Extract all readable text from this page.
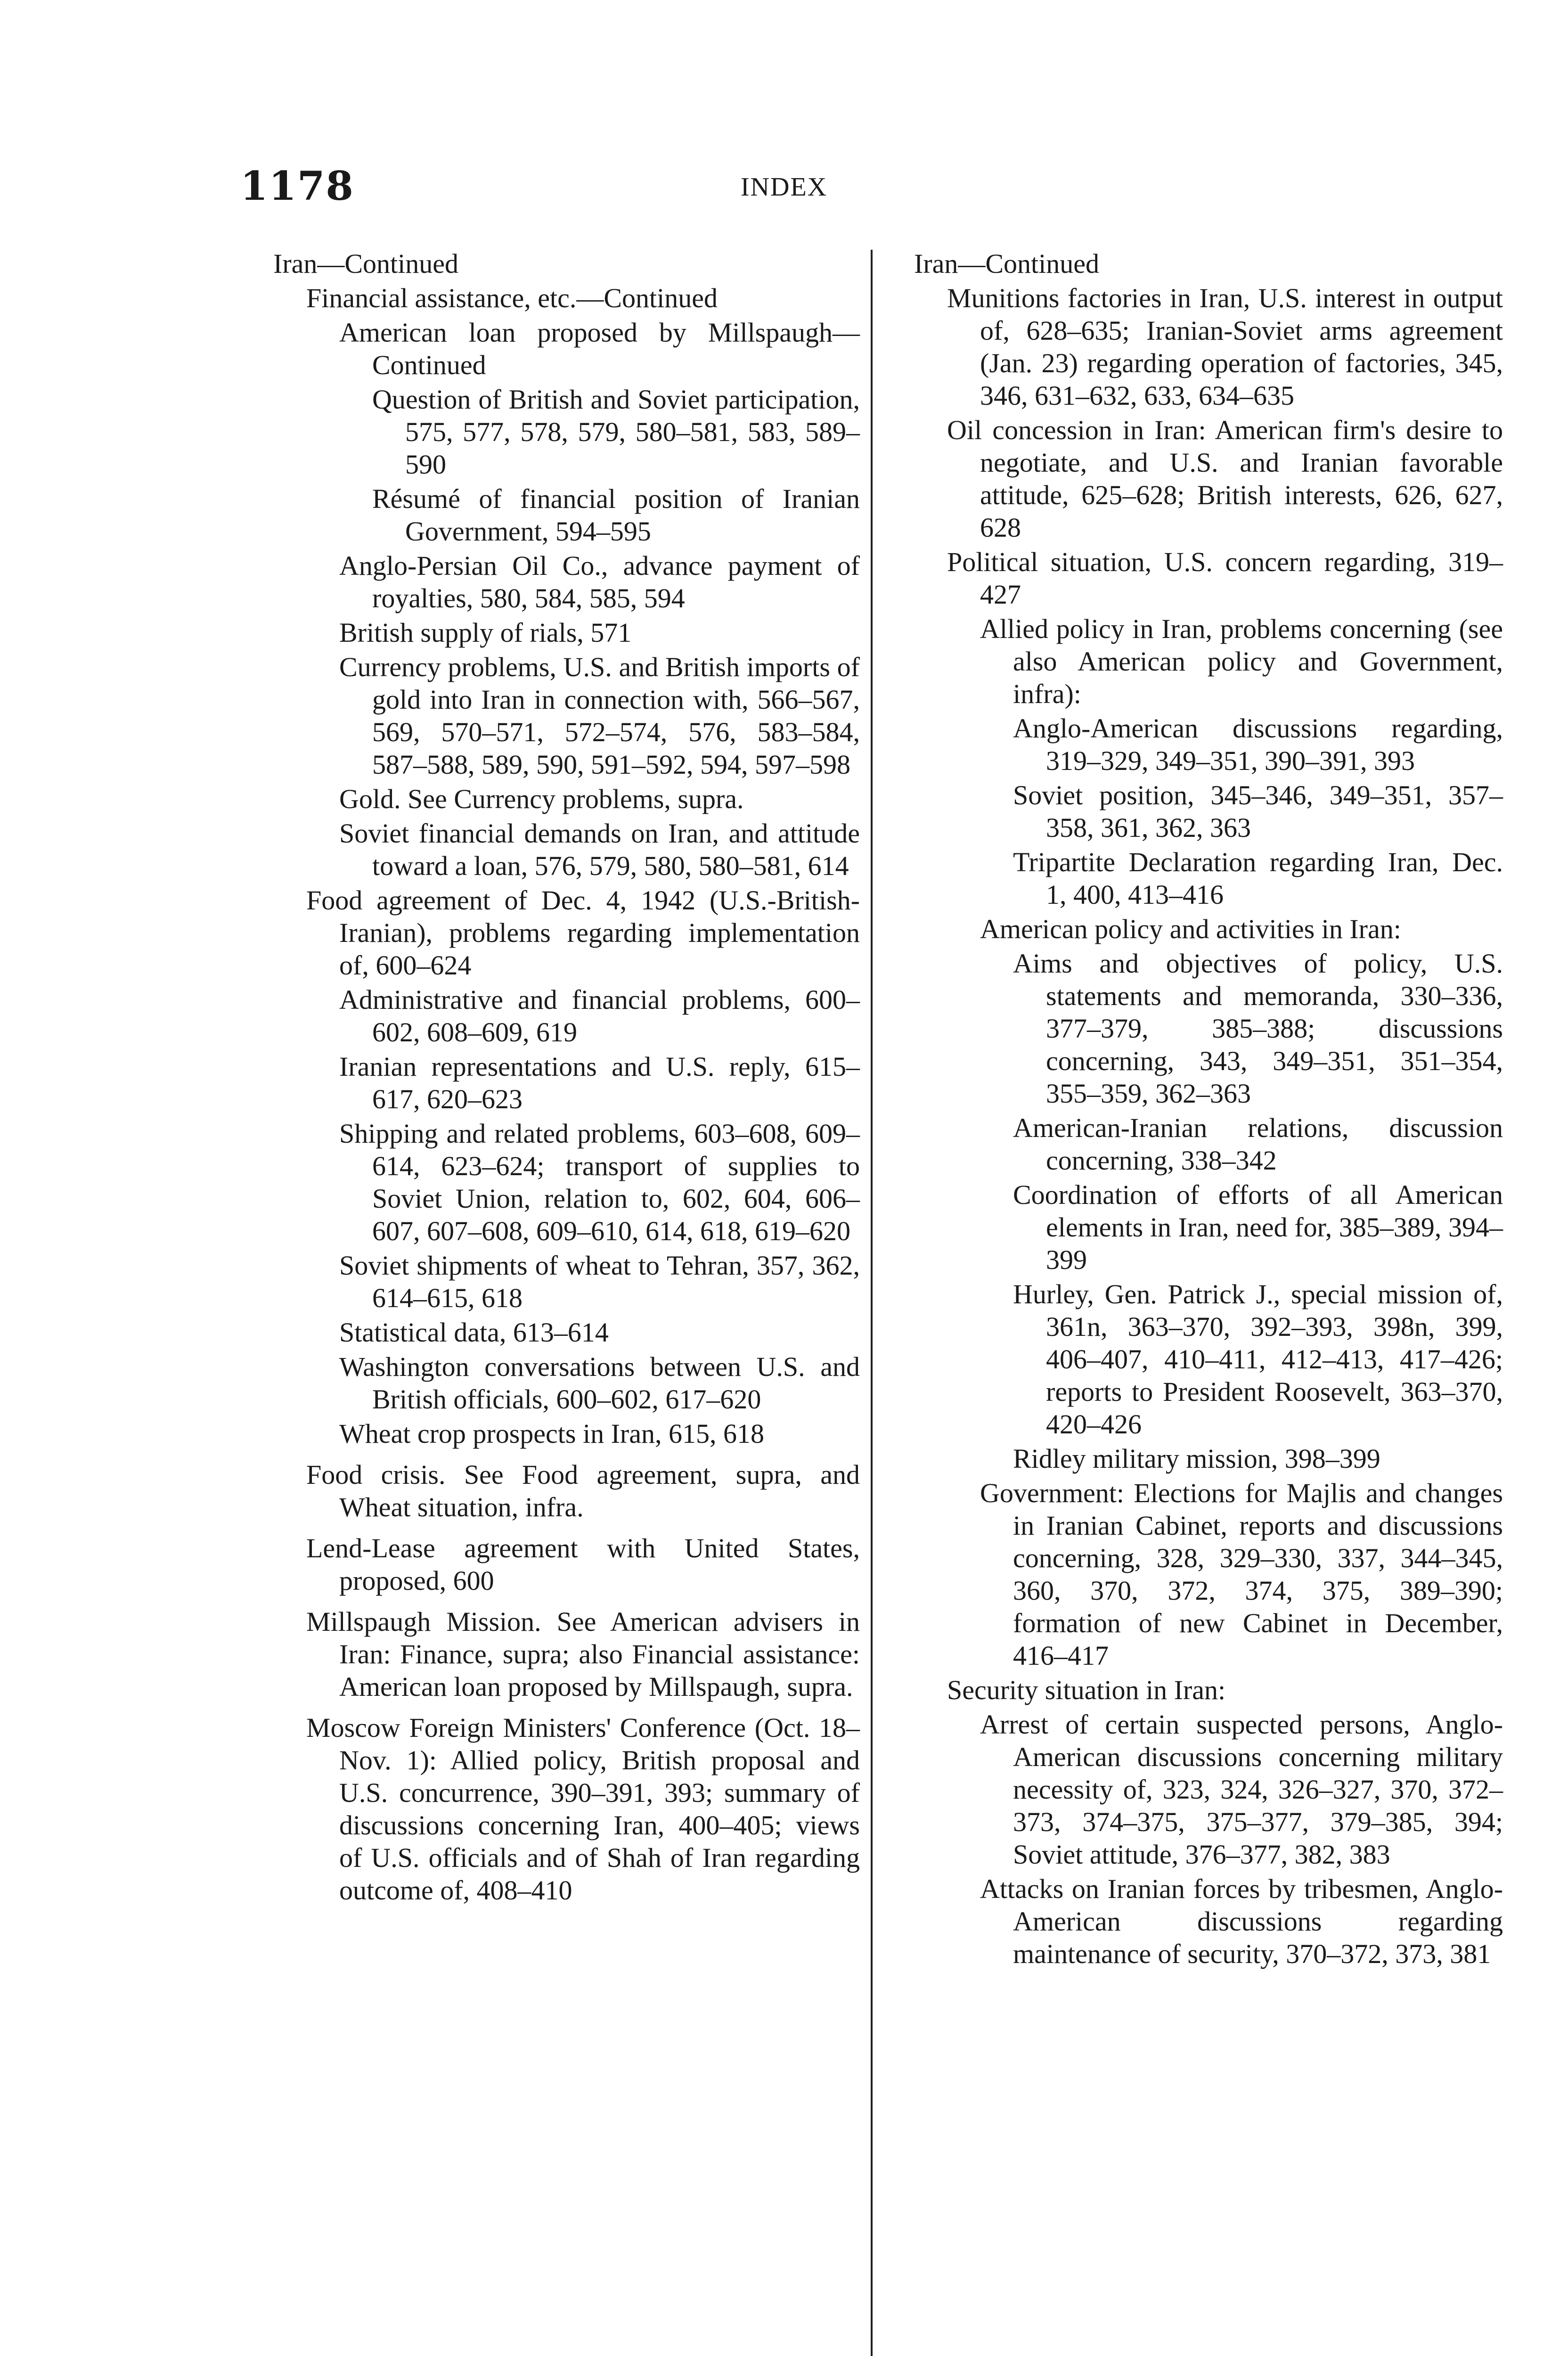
1178	INDEX
Iran—Continued
Financial assistance, etc.—Continued
American loan proposed by Millspaugh—Continued
Question of British and Soviet participation, 575, 577, 578, 579, 580–581, 583, 589–590
Résumé of financial position of Iranian Government, 594–595
Anglo-Persian Oil Co., advance payment of royalties, 580, 584, 585, 594
British supply of rials, 571
Currency problems, U.S. and British imports of gold into Iran in connection with, 566–567, 569, 570–571, 572–574, 576, 583–584, 587–588, 589, 590, 591–592, 594, 597–598
Gold. See Currency problems, supra.
Soviet financial demands on Iran, and attitude toward a loan, 576, 579, 580, 580–581, 614
Food agreement of Dec. 4, 1942 (U.S.-British-Iranian), problems regarding implementation of, 600–624
Administrative and financial problems, 600–602, 608–609, 619
Iranian representations and U.S. reply, 615–617, 620–623
Shipping and related problems, 603–608, 609–614, 623–624; transport of supplies to Soviet Union, relation to, 602, 604, 606–607, 607–608, 609–610, 614, 618, 619–620
Soviet shipments of wheat to Tehran, 357, 362, 614–615, 618
Statistical data, 613–614
Washington conversations between U.S. and British officials, 600–602, 617–620
Wheat crop prospects in Iran, 615, 618
Food crisis. See Food agreement, supra, and Wheat situation, infra.
Lend-Lease agreement with United States, proposed, 600
Millspaugh Mission. See American advisers in Iran: Finance, supra; also Financial assistance: American loan proposed by Millspaugh, supra.
Moscow Foreign Ministers' Conference (Oct. 18–Nov. 1): Allied policy, British proposal and U.S. concurrence, 390–391, 393; summary of discussions concerning Iran, 400–405; views of U.S. officials and of Shah of Iran regarding outcome of, 408–410
Iran—Continued
Munitions factories in Iran, U.S. interest in output of, 628–635; Iranian-Soviet arms agreement (Jan. 23) regarding operation of factories, 345, 346, 631–632, 633, 634–635
Oil concession in Iran: American firm's desire to negotiate, and U.S. and Iranian favorable attitude, 625–628; British interests, 626, 627, 628
Political situation, U.S. concern regarding, 319–427
Allied policy in Iran, problems concerning (see also American policy and Government, infra):
Anglo-American discussions regarding, 319–329, 349–351, 390–391, 393
Soviet position, 345–346, 349–351, 357–358, 361, 362, 363
Tripartite Declaration regarding Iran, Dec. 1, 400, 413–416
American policy and activities in Iran:
Aims and objectives of policy, U.S. statements and memoranda, 330–336, 377–379, 385–388; discussions concerning, 343, 349–351, 351–354, 355–359, 362–363
American-Iranian relations, discussion concerning, 338–342
Coordination of efforts of all American elements in Iran, need for, 385–389, 394–399
Hurley, Gen. Patrick J., special mission of, 361n, 363–370, 392–393, 398n, 399, 406–407, 410–411, 412–413, 417–426; reports to President Roosevelt, 363–370, 420–426
Ridley military mission, 398–399
Government: Elections for Majlis and changes in Iranian Cabinet, reports and discussions concerning, 328, 329–330, 337, 344–345, 360, 370, 372, 374, 375, 389–390; formation of new Cabinet in December, 416–417
Security situation in Iran:
Arrest of certain suspected persons, Anglo-American discussions concerning military necessity of, 323, 324, 326–327, 370, 372–373, 374–375, 375–377, 379–385, 394; Soviet attitude, 376–377, 382, 383
Attacks on Iranian forces by tribesmen, Anglo-American discussions regarding maintenance of security, 370–372, 373, 381
